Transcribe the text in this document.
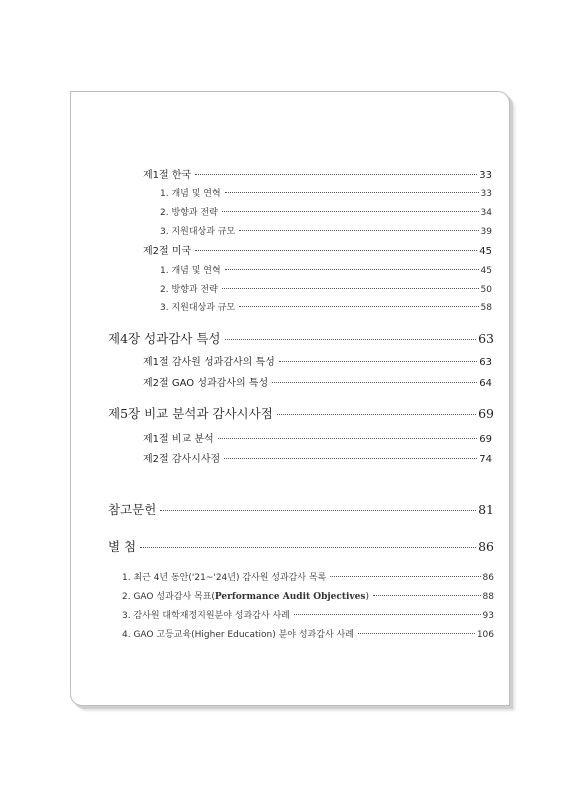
제1절 한국	33
1. 개념 및 연혁	33
2. 방향과 전략	34
3. 지원대상과 규모	39
제2절 미국	45
1. 개념 및 연혁	45
2. 방향과 전략	50
3. 지원대상과 규모	58
제4장 성과감사 특성	63
제1절 감사원 성과감사의 특성	63
제2절 GAO 성과감사의 특성	64
제5장 비교 분석과 감사시사점	69
제1절 비교 분석	69
제2절 감사시사점	74
참고문헌	81
별 첨	86
1. 최근 4년 동안('21~'24년) 감사원 성과감사 목록	86
2. GAO 성과감사 목표(Performance Audit Objectives)	88
3. 감사원 대학재정지원분야 성과감사 사례	93
4. GAO 고등교육(Higher Education) 분야 성과감사 사례	106
